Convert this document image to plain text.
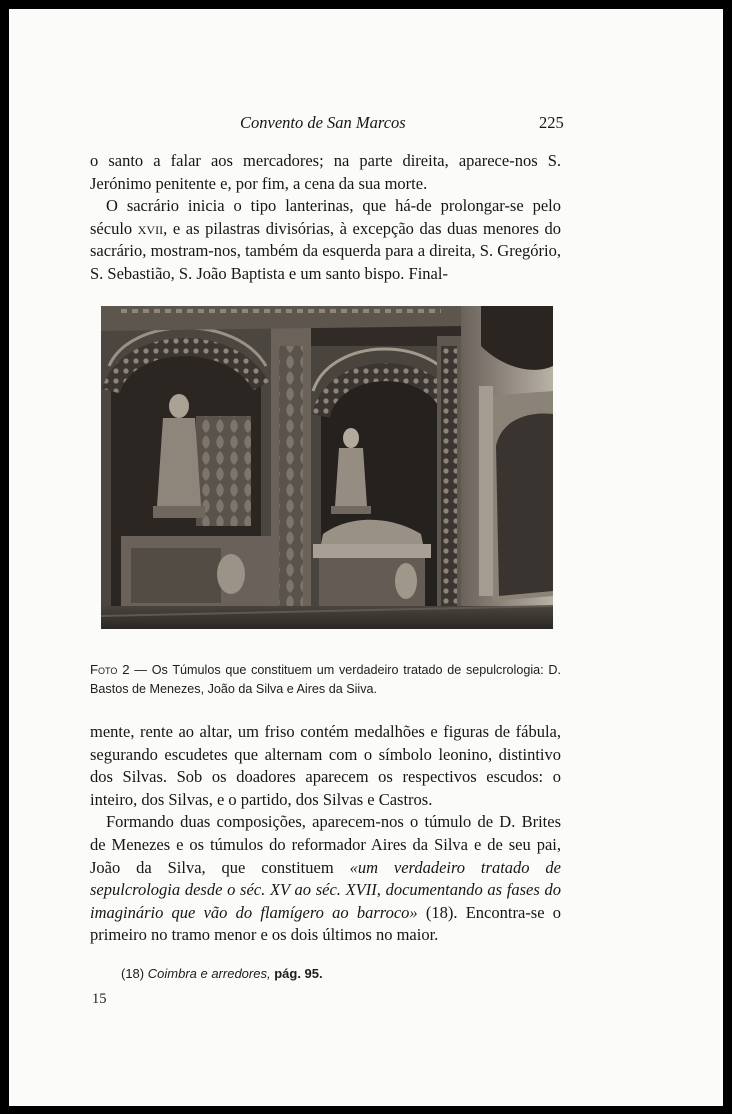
Convento de San Marcos	225

o santo a falar aos mercadores; na parte direita, aparece-nos S. Jerónimo penitente e, por fim, a cena da sua morte.

O sacrário inicia o tipo lanterinas, que há-de prolongar-se pelo século xvii, e as pilastras divisórias, à excepção das duas menores do sacrário, mostram-nos, também da esquerda para a direita, S. Gregório, S. Sebastião, S. João Baptista e um santo bispo. Final-

Foto 2 — Os Túmulos que constituem um verdadeiro tratado de sepulcrologia: D. Bastos de Menezes, João da Silva e Aires da Siiva.

mente, rente ao altar, um friso contém medalhões e figuras de fábula, segurando escudetes que alternam com o símbolo leonino, distintivo dos Silvas. Sob os doadores aparecem os respectivos escudos: o inteiro, dos Silvas, e o partido, dos Silvas e Castros.

Formando duas composições, aparecem-nos o túmulo de D. Brites de Menezes e os túmulos do reformador Aires da Silva e de seu pai, João da Silva, que constituem «um verdadeiro tratado de sepulcrologia desde o séc. XV ao séc. XVII, documentando as fases do imaginário que vão do flamígero ao barroco» (18). Encontra-se o primeiro no tramo menor e os dois últimos no maior.

(18) Coimbra e arredores, pág. 95.
15
